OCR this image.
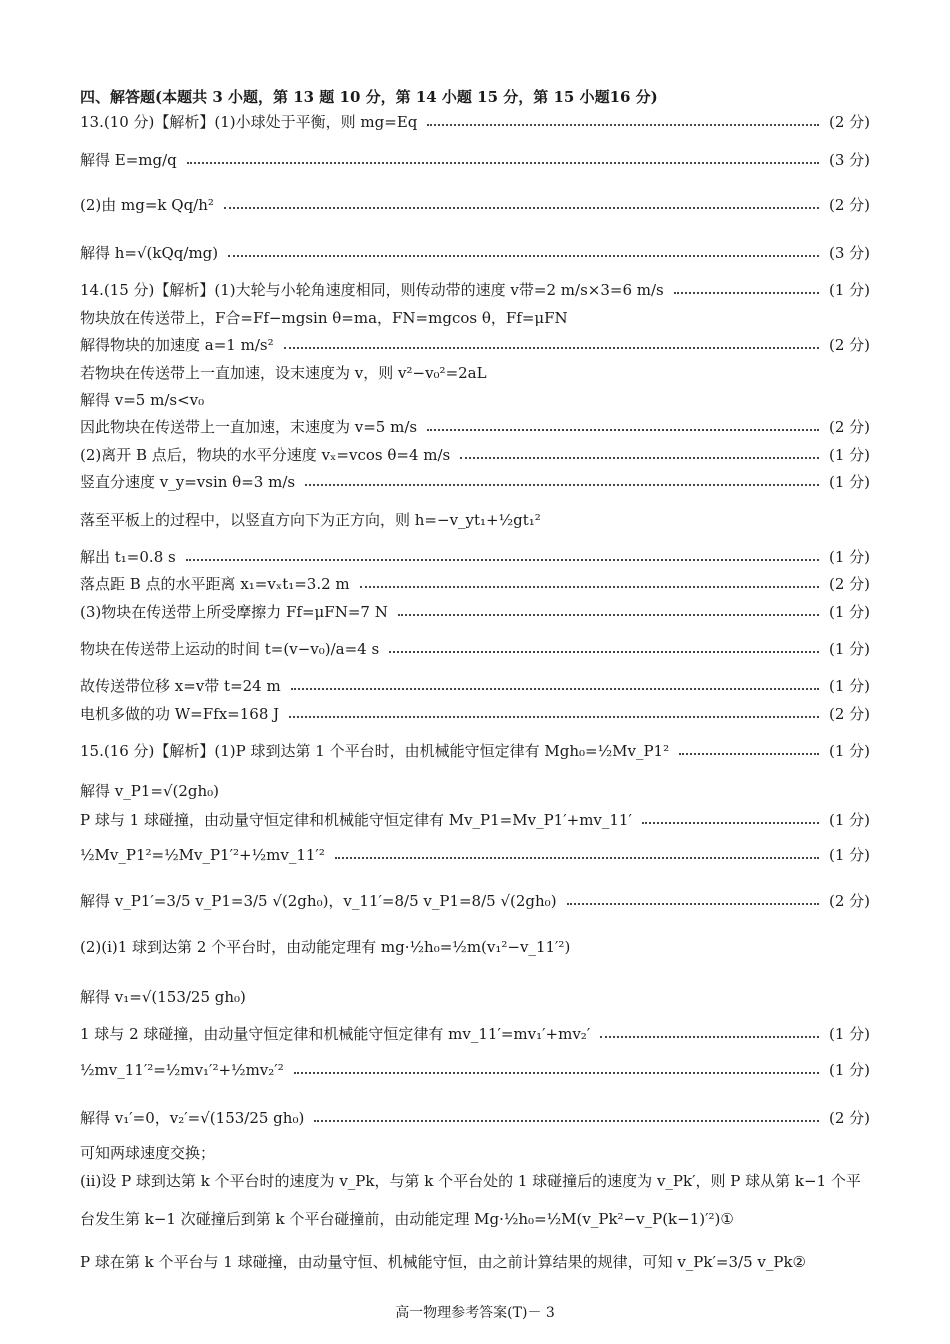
四、解答题(本题共 3 小题，第 13 题 10 分，第 14 小题 15 分，第 15 小题16 分)
13.(10 分)【解析】(1)小球处于平衡，则 mg=Eq	(2 分)
解得 E=mg/q	(3 分)
(2)由 mg=k Qq/h²	(2 分)
解得 h=√(kQq/mg)	(3 分)
14.(15 分)【解析】(1)大轮与小轮角速度相同，则传动带的速度 v带=2 m/s×3=6 m/s	(1 分)
物块放在传送带上，F合=Ff−mgsin θ=ma，FN=mgcos θ，Ff=μFN
解得物块的加速度 a=1 m/s²	(2 分)
若物块在传送带上一直加速，设末速度为 v，则 v²−v₀²=2aL
解得 v=5 m/s<v₀
因此物块在传送带上一直加速，末速度为 v=5 m/s	(2 分)
(2)离开 B 点后，物块的水平分速度 vₓ=vcos θ=4 m/s	(1 分)
竖直分速度 v_y=vsin θ=3 m/s	(1 分)
落至平板上的过程中，以竖直方向下为正方向，则 h=−v_yt₁+½gt₁²
解出 t₁=0.8 s	(1 分)
落点距 B 点的水平距离 x₁=vₓt₁=3.2 m	(2 分)
(3)物块在传送带上所受摩擦力 Ff=μFN=7 N	(1 分)
物块在传送带上运动的时间 t=(v−v₀)/a=4 s	(1 分)
故传送带位移 x=v带 t=24 m	(1 分)
电机多做的功 W=Ffx=168 J	(2 分)
15.(16 分)【解析】(1)P 球到达第 1 个平台时，由机械能守恒定律有 Mgh₀=½Mv_P1²	(1 分)
解得 v_P1=√(2gh₀)
P 球与 1 球碰撞，由动量守恒定律和机械能守恒定律有 Mv_P1=Mv_P1′+mv_11′	(1 分)
½Mv_P1²=½Mv_P1′²+½mv_11′²	(1 分)
解得 v_P1′=3/5 v_P1=3/5 √(2gh₀)，v_11′=8/5 v_P1=8/5 √(2gh₀)	(2 分)
(2)(ⅰ)1 球到达第 2 个平台时，由动能定理有 mg·½h₀=½m(v₁²−v_11′²)
解得 v₁=√(153/25 gh₀)
1 球与 2 球碰撞，由动量守恒定律和机械能守恒定律有 mv_11′=mv₁′+mv₂′	(1 分)
½mv_11′²=½mv₁′²+½mv₂′²	(1 分)
解得 v₁′=0，v₂′=√(153/25 gh₀)	(2 分)
可知两球速度交换；
(ⅱ)设 P 球到达第 k 个平台时的速度为 v_Pk，与第 k 个平台处的 1 球碰撞后的速度为 v_Pk′，则 P 球从第 k−1 个平
台发生第 k−1 次碰撞后到第 k 个平台碰撞前，由动能定理 Mg·½h₀=½M(v_Pk²−v_P(k−1)′²)①
P 球在第 k 个平台与 1 球碰撞，由动量守恒、机械能守恒，由之前计算结果的规律，可知 v_Pk′=3/5 v_Pk②
高一物理参考答案(T)－ 3
